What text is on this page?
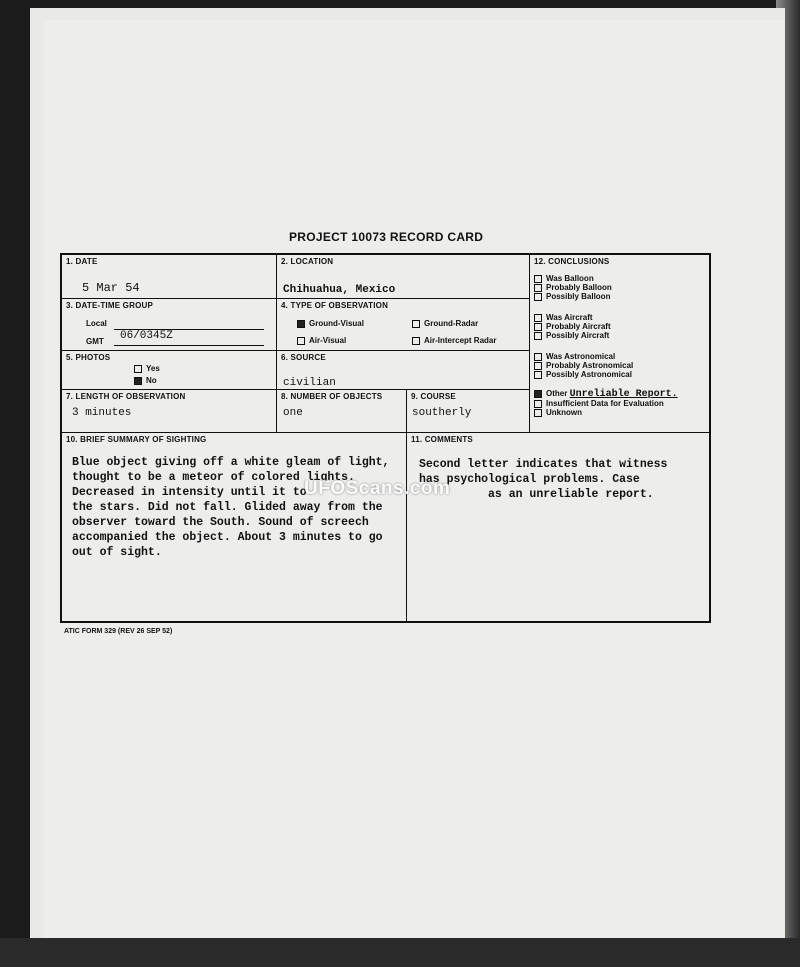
PROJECT 10073 RECORD CARD
1. DATE
5 Mar 54
2. LOCATION
Chihuahua, Mexico
3. DATE-TIME GROUP
Local
GMT 06/0345Z
4. TYPE OF OBSERVATION
Ground-Visual	Ground-Radar
Air-Visual	Air-Intercept Radar
5. PHOTOS
Yes
No
6. SOURCE
civilian
7. LENGTH OF OBSERVATION
3 minutes
8. NUMBER OF OBJECTS
one
9. COURSE
southerly
12. CONCLUSIONS
Was Balloon
Probably Balloon
Possibly Balloon
Was Aircraft
Probably Aircraft
Possibly Aircraft
Was Astronomical
Probably Astronomical
Possibly Astronomical
Other Unreliable Report.
Insufficient Data for Evaluation
Unknown
10. BRIEF SUMMARY OF SIGHTING
Blue object giving off a white gleam of light,
thought to be a meteor of colored lights.
Decreased in intensity until it to
the stars. Did not fall. Glided away from the
observer toward the South. Sound of screech
accompanied the object. About 3 minutes to go
out of sight.
11. COMMENTS
Second letter indicates that witness
has psychological problems. Case
as an unreliable report.
UFOScans.com
ATIC FORM 329 (REV 26 SEP 52)
